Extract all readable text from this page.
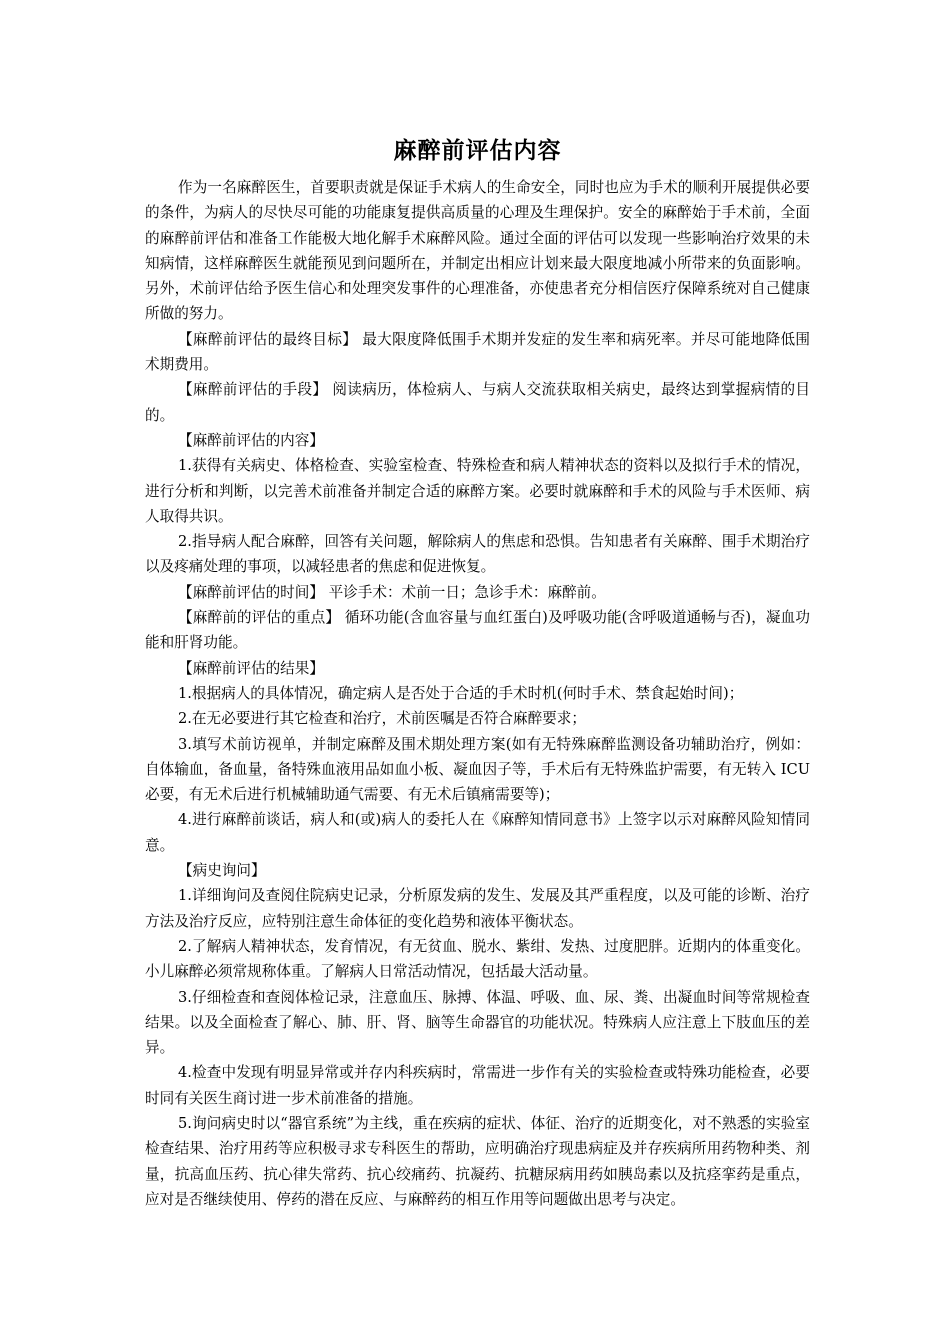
麻醉前评估内容

作为一名麻醉医生，首要职责就是保证手术病人的生命安全，同时也应为手术的顺利开展提供必要的条件，为病人的尽快尽可能的功能康复提供高质量的心理及生理保护。安全的麻醉始于手术前，全面的麻醉前评估和准备工作能极大地化解手术麻醉风险。通过全面的评估可以发现一些影响治疗效果的未知病情，这样麻醉医生就能预见到问题所在，并制定出相应计划来最大限度地减小所带来的负面影响。另外，术前评估给予医生信心和处理突发事件的心理准备，亦使患者充分相信医疗保障系统对自己健康所做的努力。

【麻醉前评估的最终目标】 最大限度降低围手术期并发症的发生率和病死率。并尽可能地降低围术期费用。

【麻醉前评估的手段】 阅读病历，体检病人、与病人交流获取相关病史，最终达到掌握病情的目的。

【麻醉前评估的内容】

1.获得有关病史、体格检查、实验室检查、特殊检查和病人精神状态的资料以及拟行手术的情况，进行分析和判断，以完善术前准备并制定合适的麻醉方案。必要时就麻醉和手术的风险与手术医师、病人取得共识。

2.指导病人配合麻醉，回答有关问题，解除病人的焦虑和恐惧。告知患者有关麻醉、围手术期治疗以及疼痛处理的事项，以减轻患者的焦虑和促进恢复。

【麻醉前评估的时间】 平诊手术：术前一日；急诊手术：麻醉前。

【麻醉前的评估的重点】 循环功能(含血容量与血红蛋白)及呼吸功能(含呼吸道通畅与否)，凝血功能和肝肾功能。

【麻醉前评估的结果】

1.根据病人的具体情况，确定病人是否处于合适的手术时机(何时手术、禁食起始时间)；

2.在无必要进行其它检查和治疗，术前医嘱是否符合麻醉要求；

3.填写术前访视单，并制定麻醉及围术期处理方案(如有无特殊麻醉监测设备功辅助治疗，例如：自体输血，备血量，备特殊血液用品如血小板、凝血因子等，手术后有无特殊监护需要，有无转入 ICU 必要，有无术后进行机械辅助通气需要、有无术后镇痛需要等)；

4.进行麻醉前谈话，病人和(或)病人的委托人在《麻醉知情同意书》上签字以示对麻醉风险知情同意。

【病史询问】

1.详细询问及查阅住院病史记录，分析原发病的发生、发展及其严重程度，以及可能的诊断、治疗方法及治疗反应，应特别注意生命体征的变化趋势和液体平衡状态。

2.了解病人精神状态，发育情况，有无贫血、脱水、紫绀、发热、过度肥胖。近期内的体重变化。小儿麻醉必须常规称体重。了解病人日常活动情况，包括最大活动量。

3.仔细检查和查阅体检记录，注意血压、脉搏、体温、呼吸、血、尿、粪、出凝血时间等常规检查结果。以及全面检查了解心、肺、肝、肾、脑等生命器官的功能状况。特殊病人应注意上下肢血压的差异。

4.检查中发现有明显异常或并存内科疾病时，常需进一步作有关的实验检查或特殊功能检查，必要时同有关医生商讨进一步术前准备的措施。

5.询问病史时以“器官系统”为主线，重在疾病的症状、体征、治疗的近期变化，对不熟悉的实验室检查结果、治疗用药等应积极寻求专科医生的帮助，应明确治疗现患病症及并存疾病所用药物种类、剂量，抗高血压药、抗心律失常药、抗心绞痛药、抗凝药、抗糖尿病用药如胰岛素以及抗痉挛药是重点，应对是否继续使用、停药的潜在反应、与麻醉药的相互作用等问题做出思考与决定。
